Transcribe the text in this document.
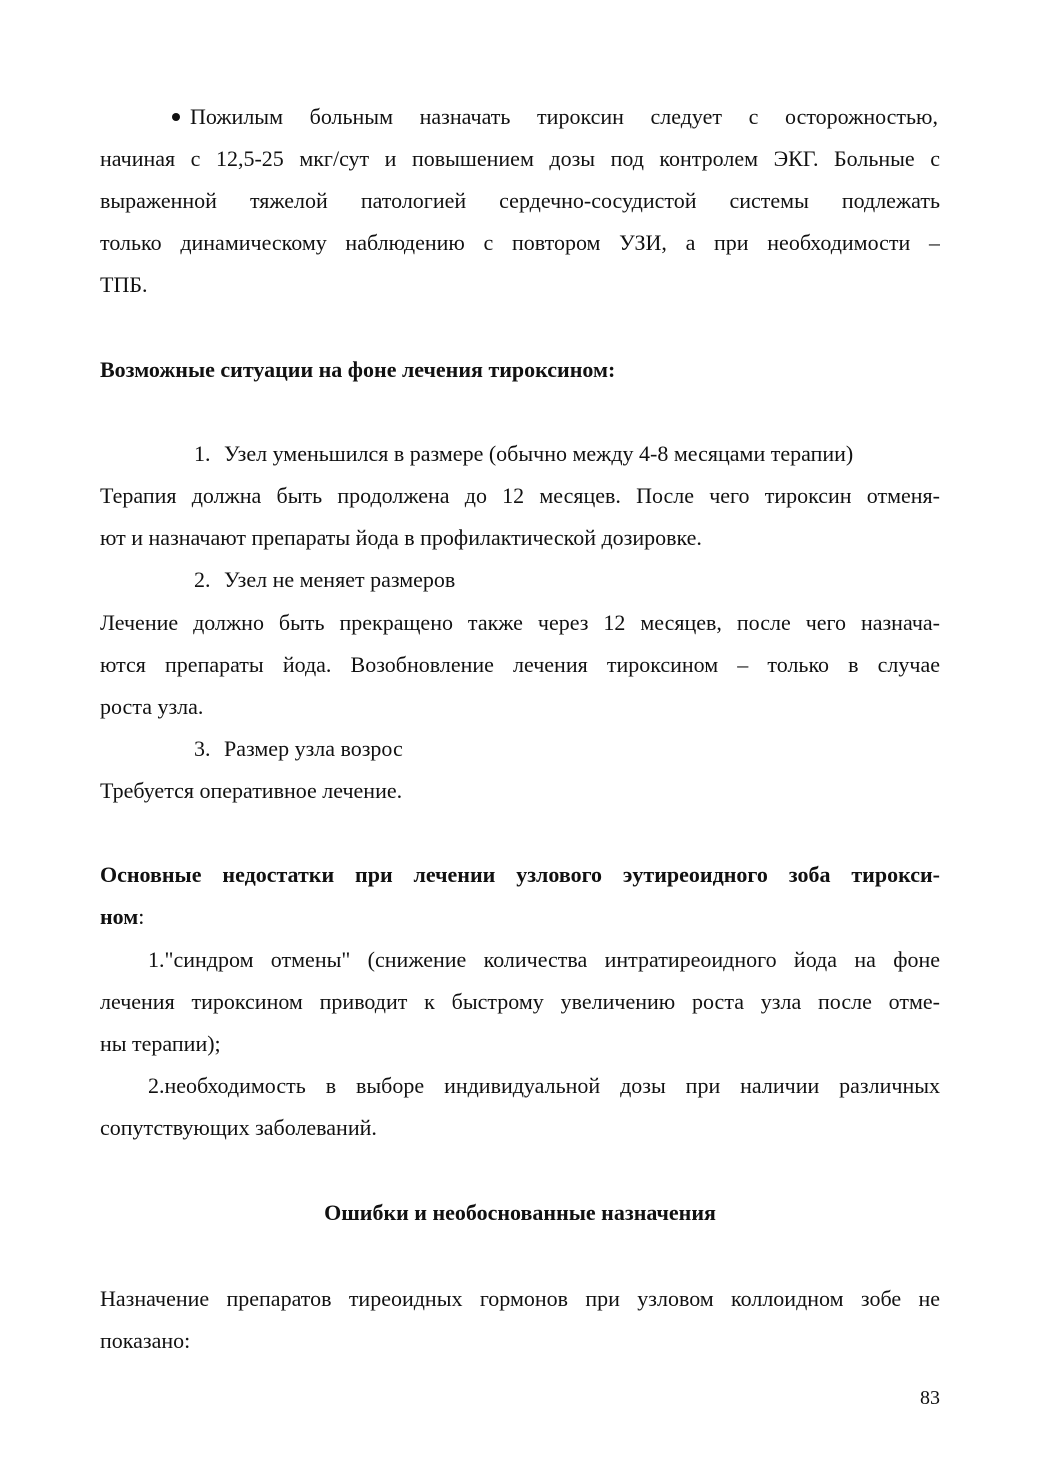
Пожилым больным назначать тироксин следует с осторожностью,
начиная с 12,5-25 мкг/сут и повышением дозы под контролем ЭКГ. Больные с
выраженной тяжелой патологией сердечно-сосудистой системы подлежать
только динамическому наблюдению с повтором УЗИ, а при необходимости –
ТПБ.
Возможные ситуации на фоне лечения тироксином:
1. Узел уменьшился в размере (обычно между 4-8 месяцами терапии)
Терапия должна быть продолжена до 12 месяцев. После чего тироксин отменя-
ют и назначают препараты йода в профилактической дозировке.
2. Узел не меняет размеров
Лечение должно быть прекращено также через 12 месяцев, после чего назнача-
ются препараты йода. Возобновление лечения тироксином – только в случае
роста узла.
3. Размер узла возрос
Требуется оперативное лечение.
Основные недостатки при лечении узлового эутиреоидного зоба тирокси-
ном:
1."синдром отмены" (снижение количества интратиреоидного йода на фоне
лечения тироксином приводит к быстрому увеличению роста узла после отме-
ны терапии);
2.необходимость в выборе индивидуальной дозы при наличии различных
сопутствующих заболеваний.
Ошибки и необоснованные назначения
Назначение препаратов тиреоидных гормонов при узловом коллоидном зобе не
показано:
83
